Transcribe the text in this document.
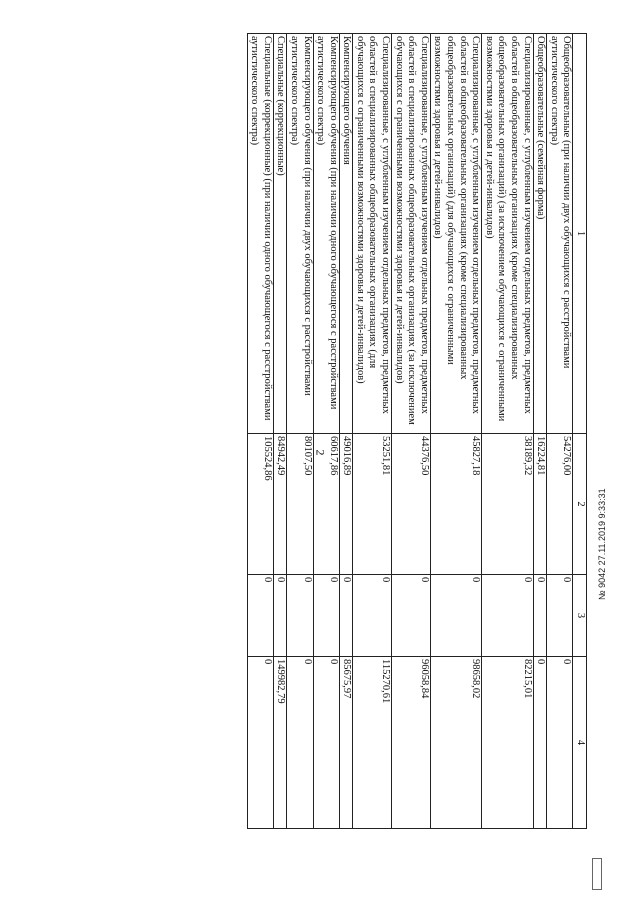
2
1	2	3	4
Общеобразовательные (при наличии двух обучающихся с расстройствами аутистического спектра)	54276,00	0	0
Общеобразовательные (семейная форма)	16224,81	0	0
Специализированные, с углубленным изучением отдельных предметов, предметных областей в общеобразовательных организациях (кроме специализированных общеобразовательных организаций) (за исключением обучающихся с ограниченными возможностями здоровья и детей-инвалидов)	38189,32	0	82215,01
Специализированные, с углубленным изучением отдельных предметов, предметных областей в общеобразовательных организациях (кроме специализированных общеобразовательных организаций) (для обучающихся с ограниченными возможностями здоровья и детей-инвалидов)	45827,18	0	98658,02
Специализированные, с углубленным изучением отдельных предметов, предметных областей в специализированных общеобразовательных организациях (за исключением обучающихся с ограниченными возможностями здоровья и детей-инвалидов)	44376,50	0	96058,84
Специализированные, с углубленным изучением отдельных предметов, предметных областей в специализированных общеобразовательных организациях (для обучающихся с ограниченными возможностями здоровья и детей-инвалидов)	53251,81	0	115270,61
Компенсирующего обучения	49016,89	0	85675,97
Компенсирующего обучения (при наличии одного обучающегося с расстройствами аутистического спектра)	60617,86	0	0
Компенсирующего обучения (при наличии двух обучающихся с расстройствами аутистического спектра)	80107,50	0	0
Специальные (коррекционные)	84942,49	0	149982,79
Специальные (коррекционные) (при наличии одного обучающегося с расстройствами аутистического спектра)	105524,86	0	0
№ 9042 27.11.2019 9:33:31
